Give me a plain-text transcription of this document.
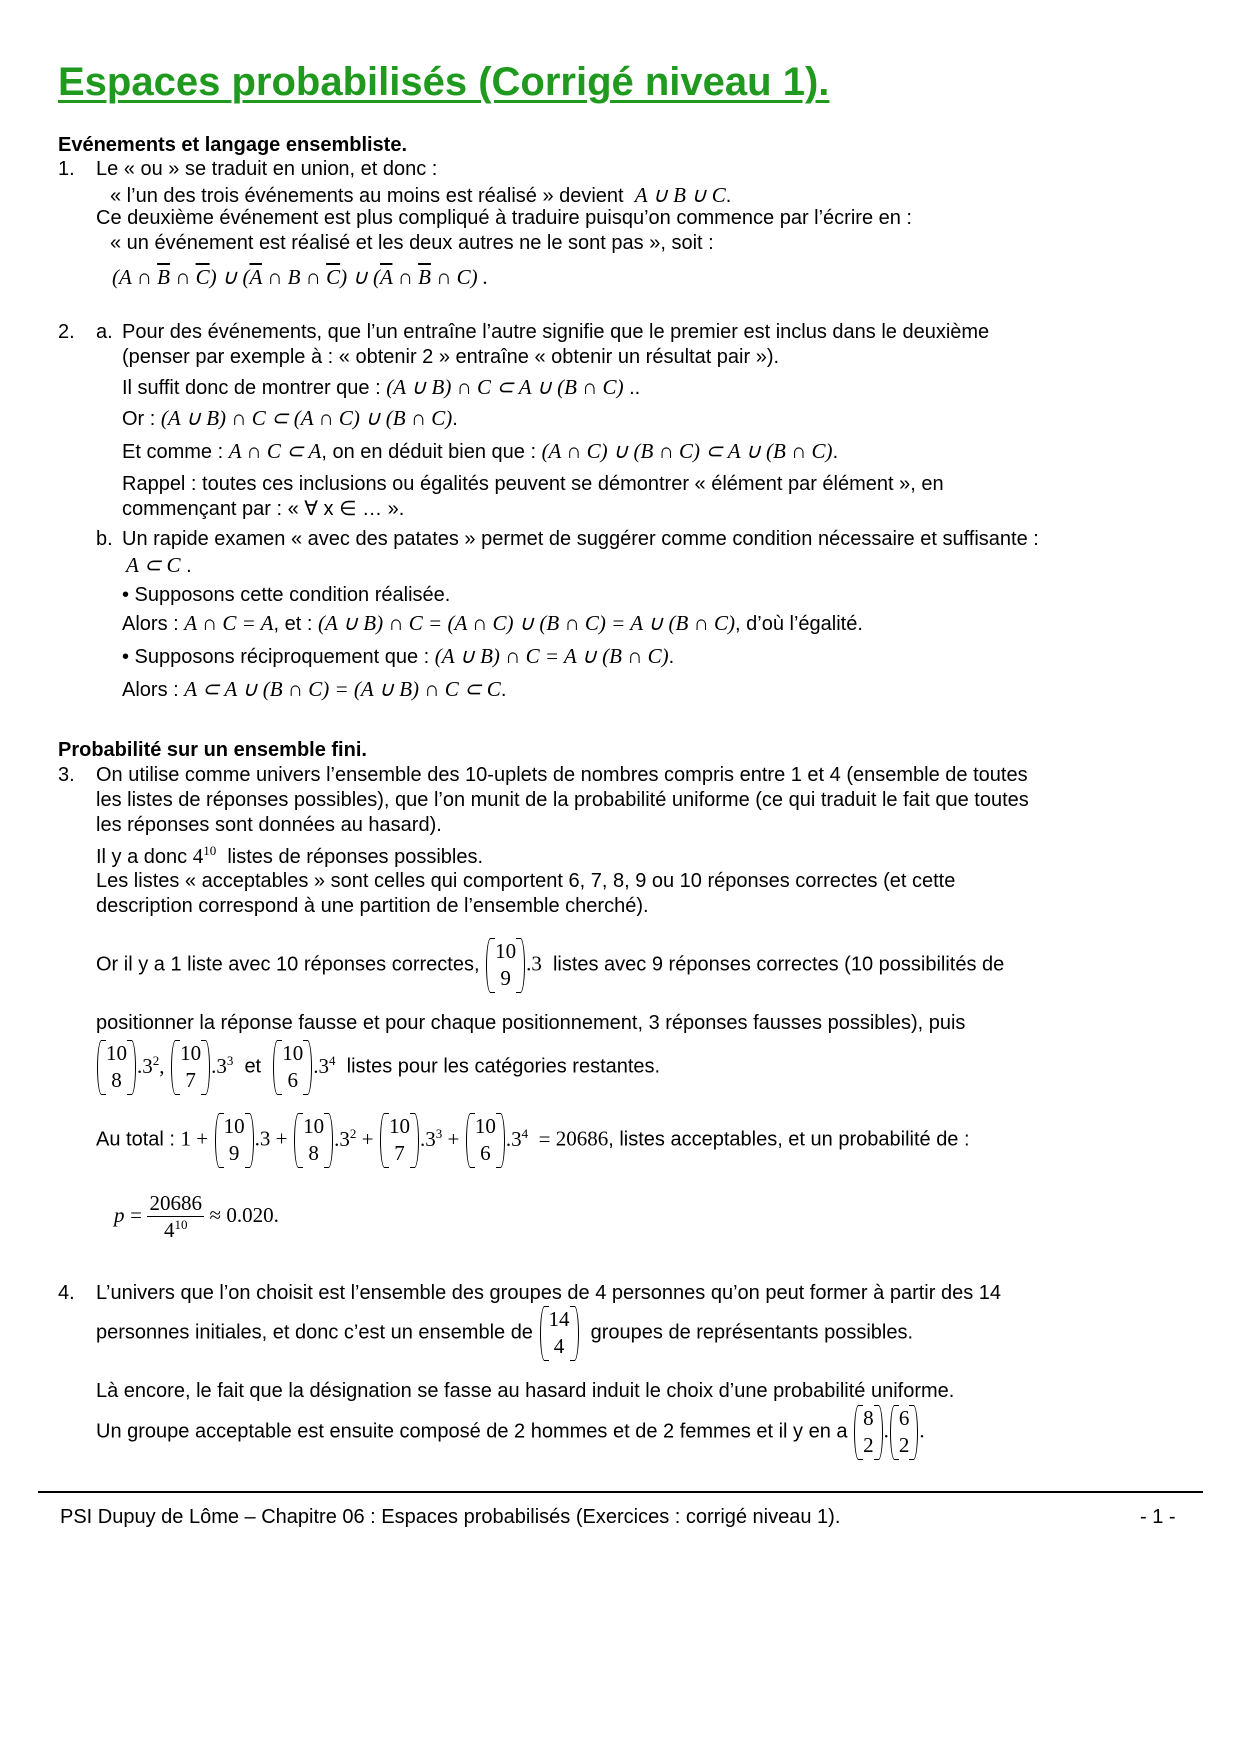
Espaces probabilisés (Corrigé niveau 1).
Evénements et langage ensembliste.
1. Le « ou » se traduit en union, et donc :
« l’un des trois événements au moins est réalisé » devient A ∪ B ∪ C.
Ce deuxième événement est plus compliqué à traduire puisqu’on commence par l’écrire en :
« un événement est réalisé et les deux autres ne le sont pas », soit :
(A ∩ $\overline{B}$ ∩ $\overline{C}$) ∪ ($\overline{A}$ ∩ B ∩ $\overline{C}$) ∪ ($\overline{A}$ ∩ $\overline{B}$ ∩ C) .
2. a. Pour des événements, que l’un entraîne l’autre signifie que le premier est inclus dans le deuxième
(penser par exemple à : « obtenir 2 » entraîne « obtenir un résultat pair »).
Il suffit donc de montrer que : (A ∪ B) ∩ C ⊂ A ∪ (B ∩ C) ..
Or : (A ∪ B) ∩ C ⊂ (A ∩ C) ∪ (B ∩ C).
Et comme : A ∩ C ⊂ A, on en déduit bien que : (A ∩ C) ∪ (B ∩ C) ⊂ A ∪ (B ∩ C).
Rappel : toutes ces inclusions ou égalités peuvent se démontrer « élément par élément », en
commençant par : « ∀ x ∈ … ».
b. Un rapide examen « avec des patates » permet de suggérer comme condition nécessaire et suffisante :
A ⊂ C .
• Supposons cette condition réalisée.
Alors : A ∩ C = A, et : (A ∪ B) ∩ C = (A ∩ C) ∪ (B ∩ C) = A ∪ (B ∩ C), d’où l’égalité.
• Supposons réciproquement que : (A ∪ B) ∩ C = A ∪ (B ∩ C).
Alors : A ⊂ A ∪ (B ∩ C) = (A ∪ B) ∩ C ⊂ C.
Probabilité sur un ensemble fini.
3. On utilise comme univers l’ensemble des 10-uplets de nombres compris entre 1 et 4 (ensemble de toutes
les listes de réponses possibles), que l’on munit de la probabilité uniforme (ce qui traduit le fait que toutes
les réponses sont données au hasard).
Il y a donc $4^{10}$ listes de réponses possibles.
Les listes « acceptables » sont celles qui comportent 6, 7, 8, 9 ou 10 réponses correctes (et cette
description correspond à une partition de l’ensemble cherché).
Or il y a 1 liste avec 10 réponses correctes,
10
9
.3 listes avec 9 réponses correctes (10 possibilités de
positionner la réponse fausse et pour chaque positionnement, 3 réponses fausses possibles), puis
10
8
$.3^2$,
10
7
$.3^3$ et
10
6
$.3^4$ listes pour les catégories restantes.
Au total : 1 +
10
9
.3 +
10
8
$.3^2$ +
10
7
$.3^3$ +
10
6
$.3^4 = 20686$, listes acceptables, et un probabilité de :
$p = \frac{20686}{4^{10}} \approx 0.020$.
4. L’univers que l’on choisit est l’ensemble des groupes de 4 personnes qu’on peut former à partir des 14
personnes initiales, et donc c’est un ensemble de
14
4
groupes de représentants possibles.
Là encore, le fait que la désignation se fasse au hasard induit le choix d’une probabilité uniforme.
Un groupe acceptable est ensuite composé de 2 hommes et de 2 femmes et il y en a
8
2
.
6
2
.
PSI Dupuy de Lôme – Chapitre 06 : Espaces probabilisés (Exercices : corrigé niveau 1).	- 1 -
